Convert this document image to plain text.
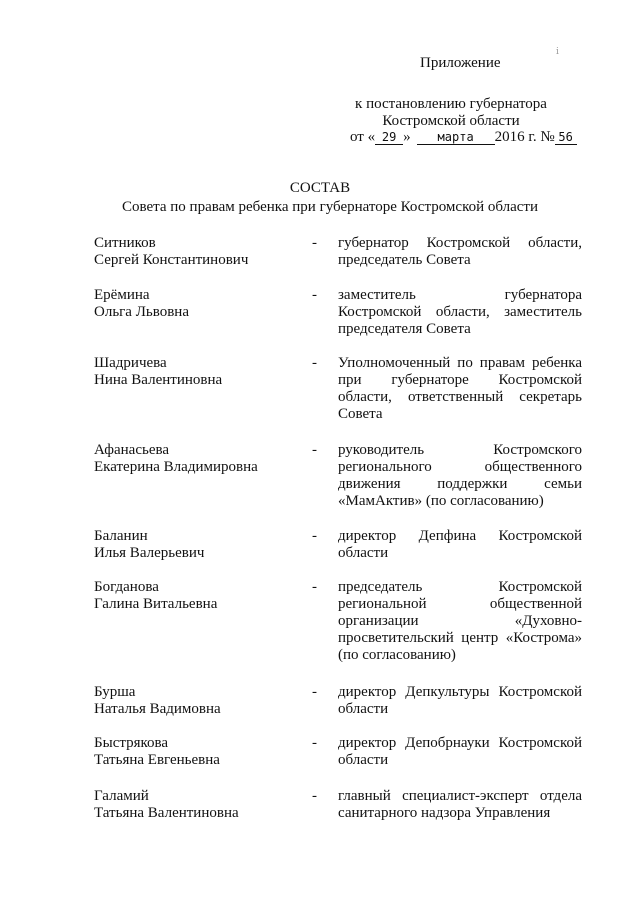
ⅰ
Приложение
к постановлению губернатора
Костромской области
от « 29 » марта 2016 г. № 56
СОСТАВ
Совета по правам ребенка при губернаторе Костромской области
Ситников
Сергей Константинович
- губернатор Костромской области, председатель Совета
Ерёмина
Ольга Львовна
- заместитель губернатора Костромской области, заместитель председателя Совета
Шадричева
Нина Валентиновна
- Уполномоченный по правам ребенка при губернаторе Костромской области, ответственный секретарь Совета
Афанасьева
Екатерина Владимировна
- руководитель Костромского регионального общественного движения поддержки семьи «МамАктив» (по согласованию)
Баланин
Илья Валерьевич
- директор Депфина Костромской области
Богданова
Галина Витальевна
- председатель Костромской региональной общественной организации «Духовно-просветительский центр «Кострома» (по согласованию)
Бурша
Наталья Вадимовна
- директор Депкультуры Костромской области
Быстрякова
Татьяна Евгеньевна
- директор Депобрнауки Костромской области
Галамий
Татьяна Валентиновна
- главный специалист-эксперт отдела санитарного надзора Управления
